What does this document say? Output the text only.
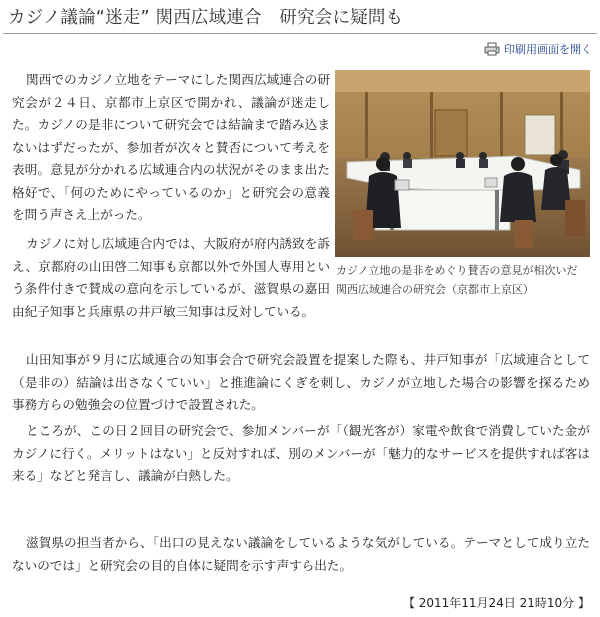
カジノ議論“迷走” 関西広域連合　研究会に疑問も
印刷用画面を開く

関西でのカジノ立地をテーマにした関西広域連合の研究会が２４日、京都市上京区で開かれ、議論が迷走した。カジノの是非について研究会では結論まで踏み込まないはずだったが、参加者が次々と賛否について考えを表明。意見が分かれる広域連合内の状況がそのまま出た格好で、「何のためにやっているのか」と研究会の意義を問う声さえ上がった。

カジノ立地の是非をめぐり賛否の意見が相次いだ関西広域連合の研究会（京都市上京区）

カジノに対し広域連合内では、大阪府が府内誘致を訴え、京都府の山田啓二知事も京都以外で外国人専用という条件付きで賛成の意向を示しているが、滋賀県の嘉田由紀子知事と兵庫県の井戸敏三知事は反対している。

山田知事が９月に広域連合の知事会合で研究会設置を提案した際も、井戸知事が「広域連合として（是非の）結論は出さなくていい」と推進論にくぎを刺し、カジノが立地した場合の影響を探るため事務方らの勉強会の位置づけで設置された。

ところが、この日２回目の研究会で、参加メンバーが「（観光客が）家電や飲食で消費していた金がカジノに行く。メリットはない」と反対すれば、別のメンバーが「魅力的なサービスを提供すれば客は来る」などと発言し、議論が白熱した。

滋賀県の担当者から、「出口の見えない議論をしているような気がしている。テーマとして成り立たないのでは」と研究会の目的自体に疑問を示す声すら出た。

【 2011年11月24日 21時10分 】
